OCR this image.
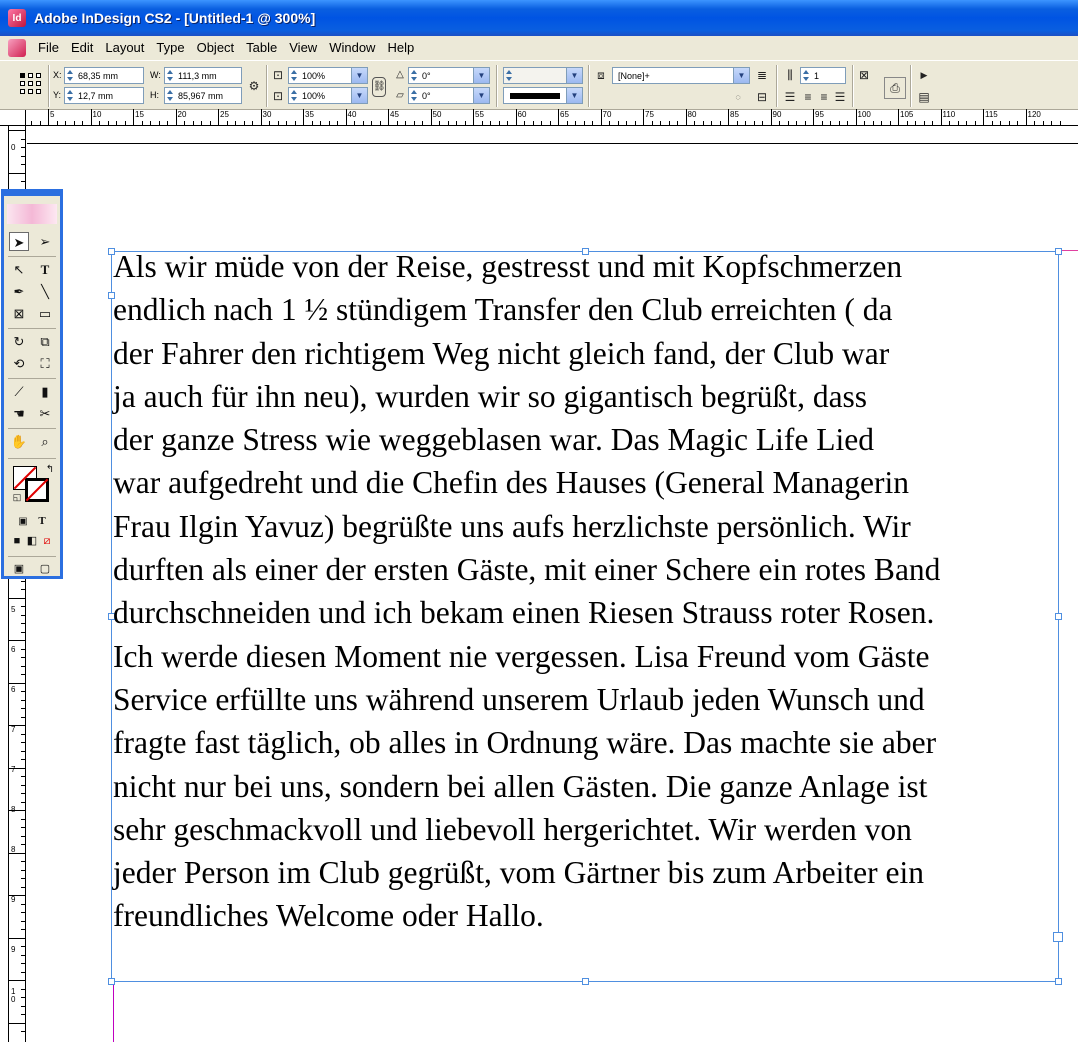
Id Adobe InDesign CS2 - [Untitled-1 @ 300%]
File Edit Layout Type Object Table View Window Help
X: 68,35 mm
Y: 12,7 mm
W: 111,3 mm
H: 85,967 mm
⚙
⊡	100%	▼
⊡	100%	▼
⛓
△	0°	▼
▱	0°	▼
▼
▼
⧈	[None]+	▼ ≣
◌	⊟
⫼	1
☰ ≡ ≡ ☰
⊠
⎙
▶
▤
5	10	15	20	25	30	35	40	45	50	55	60	65	70	75	80	85	90	95	100	105	110	115	120
0
5
6
6
7
7
8
8
9
9
10
Als wir müde von der Reise, gestresst und mit Kopfschmerzen
endlich nach 1 ½ stündigem Transfer den Club erreichten ( da
der Fahrer den richtigem Weg nicht gleich fand, der Club war
ja auch für ihn neu), wurden wir so gigantisch begrüßt, dass
der ganze Stress wie weggeblasen war. Das Magic Life Lied
war aufgedreht und die Chefin des Hauses (General Managerin
Frau Ilgin Yavuz) begrüßte uns aufs herzlichste persönlich. Wir
durften als einer der ersten Gäste, mit einer Schere ein rotes Band
durchschneiden und ich bekam einen Riesen Strauss roter Rosen.
Ich werde diesen Moment nie vergessen. Lisa Freund vom Gäste
Service erfüllte uns während unserem Urlaub jeden Wunsch und
fragte fast täglich, ob alles in Ordnung wäre. Das machte sie aber
nicht nur bei uns, sondern bei allen Gästen. Die ganze Anlage ist
sehr geschmackvoll und liebevoll hergerichtet. Wir werden von
jeder Person im Club gegrüßt, vom Gärtner bis zum Arbeiter ein
freundliches Welcome oder Hallo.
➤	➢
↖	T
✒	╲
⊠	▭
↻	⧉
⟲	⛶
⟋	▮
☚	✂
✋	⌕
↰
◱
▣ T
■ ◧ ⧄
▣	▢
